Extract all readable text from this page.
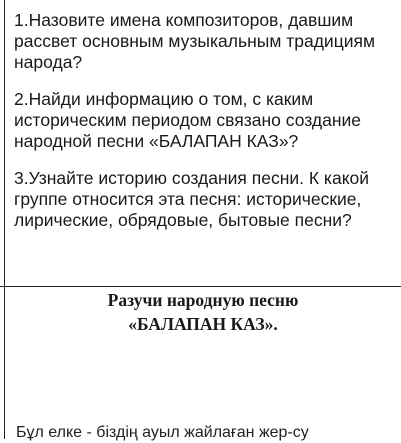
1.Назовите имена композиторов, давшим
рассвет основным музыкальным традициям
народа?
2.Найди информацию о том, с каким
историческим периодом связано создание
народной песни «БАЛАПАН КАЗ»?
3.Узнайте историю создания песни. К какой
группе относится эта песня: исторические,
лирические, обрядовые, бытовые песни?
Разучи народную песню
«БАЛАПАН КАЗ».
Бұл елке - біздің ауыл жайлаған жер-су
